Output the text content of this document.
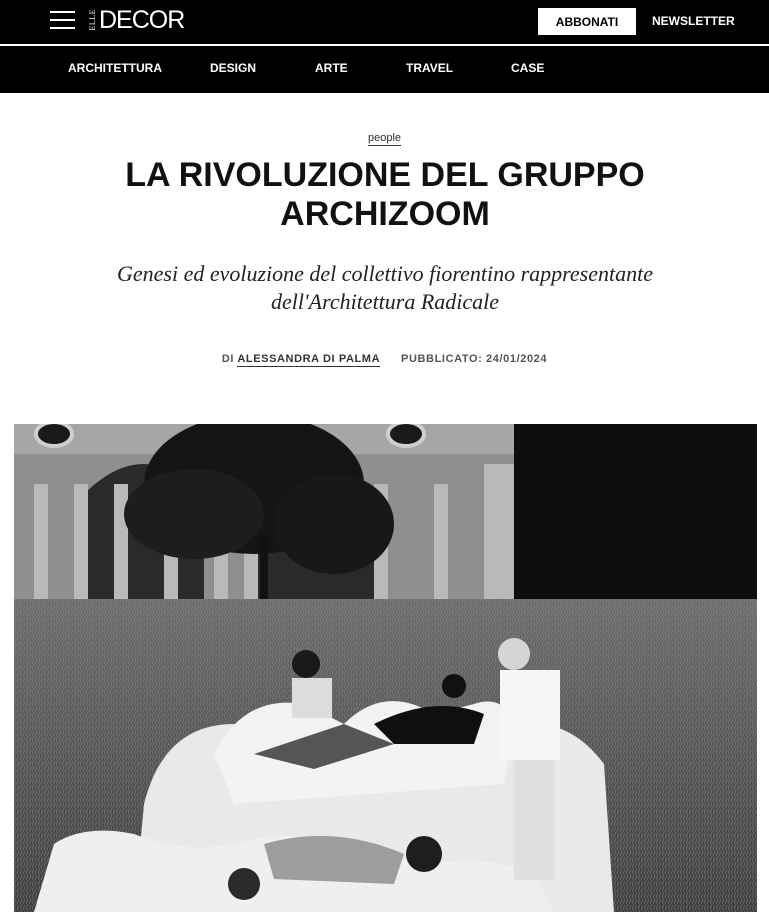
ELLE DECOR	ABBONATI	NEWSLETTER
ARCHITETTURA	DESIGN	ARTE	TRAVEL	CASE
people
LA RIVOLUZIONE DEL GRUPPO ARCHIZOOM

Genesi ed evoluzione del collettivo fiorentino rappresentante dell'Architettura Radicale

DI ALESSANDRA DI PALMA PUBBLICATO: 24/01/2024
